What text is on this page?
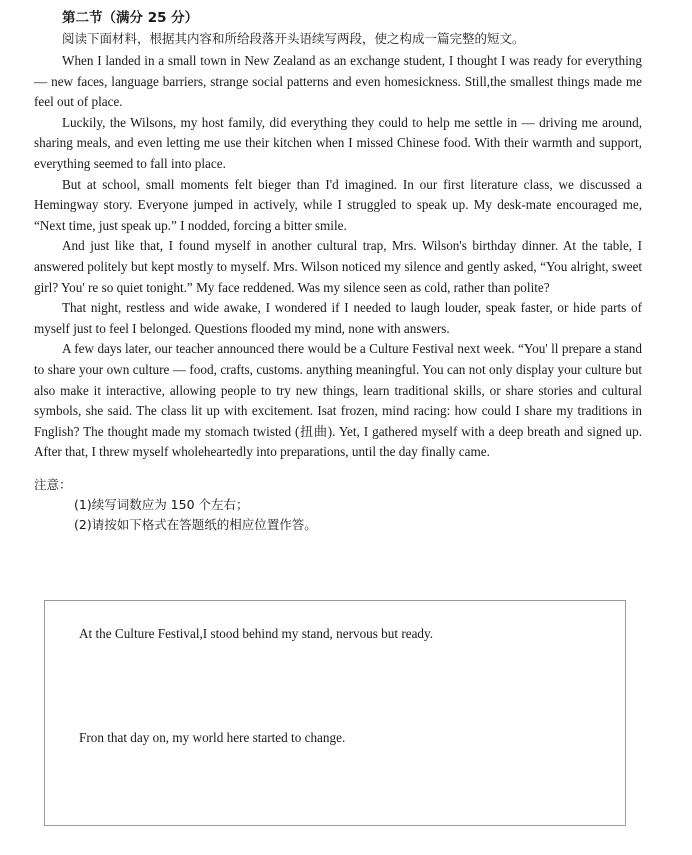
第二节（满分 25 分）
阅读下面材料，根据其内容和所给段落开头语续写两段，使之构成一篇完整的短文。

When I landed in a small town in New Zealand as an exchange student, I thought I was ready for everything — new faces, language barriers, strange social patterns and even homesickness. Still,the smallest things made me feel out of place.

Luckily, the Wilsons, my host family, did everything they could to help me settle in — driving me around, sharing meals, and even letting me use their kitchen when I missed Chinese food. With their warmth and support, everything seemed to fall into place.

But at school, small moments felt bieger than I'd imagined. In our first literature class, we discussed a Hemingway story. Everyone jumped in actively, while I struggled to speak up. My desk-mate encouraged me, “Next time, just speak up.” I nodded, forcing a bitter smile.

And just like that, I found myself in another cultural trap, Mrs. Wilson's birthday dinner. At the table, I answered politely but kept mostly to myself. Mrs. Wilson noticed my silence and gently asked, “You alright, sweet girl? You' re so quiet tonight.” My face reddened. Was my silence seen as cold, rather than polite?

That night, restless and wide awake, I wondered if I needed to laugh louder, speak faster, or hide parts of myself just to feel I belonged. Questions flooded my mind, none with answers.

A few days later, our teacher announced there would be a Culture Festival next week. “You' ll prepare a stand to share your own culture — food, crafts, customs. anything meaningful. You can not only display your culture but also make it interactive, allowing people to try new things, learn traditional skills, or share stories and cultural symbols, she said. The class lit up with excitement. Isat frozen, mind racing: how could I share my traditions in Fnglish? The thought made my stomach twisted (扭曲). Yet, I gathered myself with a deep breath and signed up. After that, I threw myself wholeheartedly into preparations, until the day finally came.

注意：
(1)续写词数应为 150 个左右；
(2)请按如下格式在答题纸的相应位置作答。

At the Culture Festival,I stood behind my stand, nervous but ready.

Fron that day on, my world here started to change.
